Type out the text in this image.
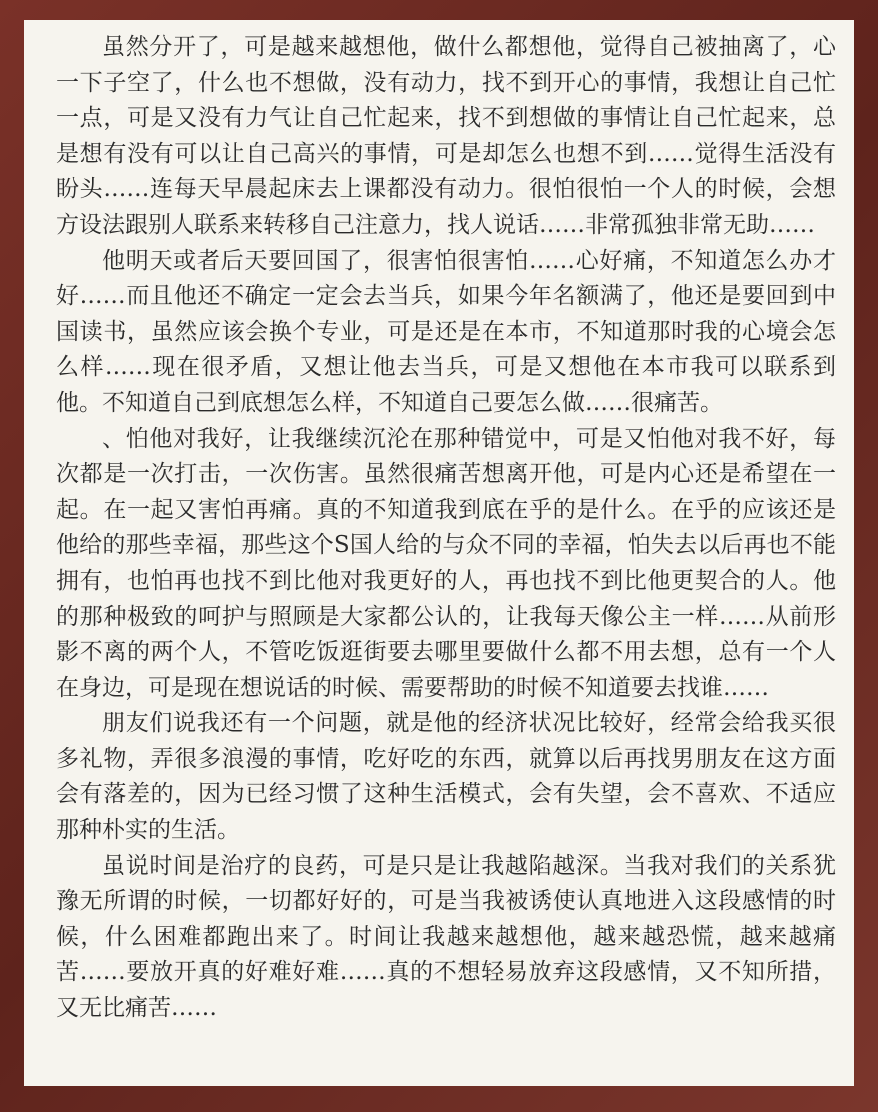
虽然分开了，可是越来越想他，做什么都想他，觉得自己被抽离了，心一下子空了，什么也不想做，没有动力，找不到开心的事情，我想让自己忙一点，可是又没有力气让自己忙起来，找不到想做的事情让自己忙起来，总是想有没有可以让自己高兴的事情，可是却怎么也想不到……觉得生活没有盼头……连每天早晨起床去上课都没有动力。很怕很怕一个人的时候，会想方设法跟别人联系来转移自己注意力，找人说话……非常孤独非常无助……

他明天或者后天要回国了，很害怕很害怕……心好痛，不知道怎么办才好……而且他还不确定一定会去当兵，如果今年名额满了，他还是要回到中国读书，虽然应该会换个专业，可是还是在本市，不知道那时我的心境会怎么样……现在很矛盾，又想让他去当兵，可是又想他在本市我可以联系到他。不知道自己到底想怎么样，不知道自己要怎么做……很痛苦。

、怕他对我好，让我继续沉沦在那种错觉中，可是又怕他对我不好，每次都是一次打击，一次伤害。虽然很痛苦想离开他，可是内心还是希望在一起。在一起又害怕再痛。真的不知道我到底在乎的是什么。在乎的应该还是他给的那些幸福，那些这个S国人给的与众不同的幸福，怕失去以后再也不能拥有，也怕再也找不到比他对我更好的人，再也找不到比他更契合的人。他的那种极致的呵护与照顾是大家都公认的，让我每天像公主一样……从前形影不离的两个人，不管吃饭逛街要去哪里要做什么都不用去想，总有一个人在身边，可是现在想说话的时候、需要帮助的时候不知道要去找谁……

朋友们说我还有一个问题，就是他的经济状况比较好，经常会给我买很多礼物，弄很多浪漫的事情，吃好吃的东西，就算以后再找男朋友在这方面会有落差的，因为已经习惯了这种生活模式，会有失望，会不喜欢、不适应那种朴实的生活。

虽说时间是治疗的良药，可是只是让我越陷越深。当我对我们的关系犹豫无所谓的时候，一切都好好的，可是当我被诱使认真地进入这段感情的时候，什么困难都跑出来了。时间让我越来越想他，越来越恐慌，越来越痛苦……要放开真的好难好难……真的不想轻易放弃这段感情，又不知所措，又无比痛苦……
